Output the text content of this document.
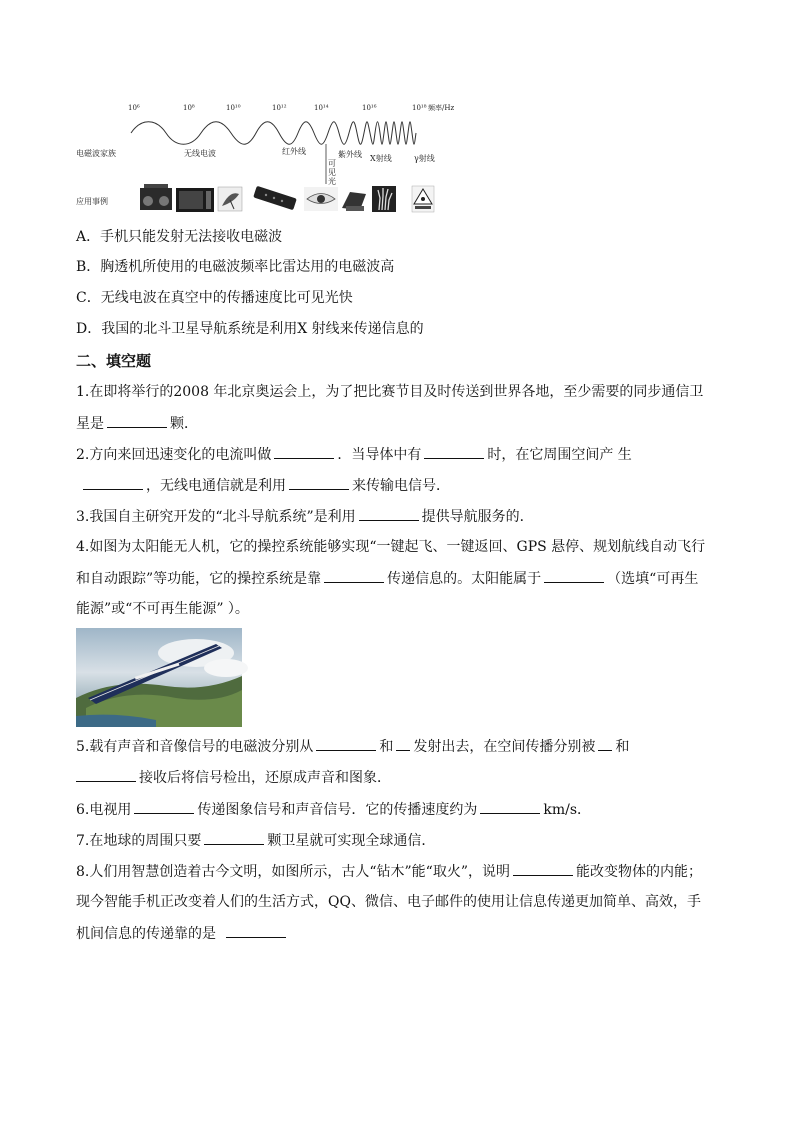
10⁶	10⁸	10¹⁰	10¹²	10¹⁴	10¹⁶	10¹⁸ 频率/Hz
电磁波家族	无线电波	红外线
可
见
光
紫外线 X射线	γ射线
应用事例
A．手机只能发射无法接收电磁波
B．胸透机所使用的电磁波频率比雷达用的电磁波高
C．无线电波在真空中的传播速度比可见光快
D．我国的北斗卫星导航系统是利用X 射线来传递信息的
二、填空题
1.在即将举行的2008 年北京奥运会上，为了把比赛节目及时传送到世界各地，至少需要的同步通信卫
星是	颗．
2.方向来回迅速变化的电流叫做	．当导体中有	时，在它周围空间产 生
，无线电通信就是利用	来传输电信号．
3.我国自主研究开发的“北斗导航系统”是利用	提供导航服务的．
4.如图为太阳能无人机，它的操控系统能够实现“一键起飞、一键返回、GPS 悬停、规划航线自动飞行
和自动跟踪”等功能，它的操控系统是靠	传递信息的。太阳能属于	（选填“可再生
能源”或“不可再生能源” ）。
5.载有声音和音像信号的电磁波分别从	和 发射出去，在空间传播分别被 和
接收后将信号检出，还原成声音和图象．
6.电视用	传递图象信号和声音信号．它的传播速度约为	km/s．
7.在地球的周围只要	颗卫星就可实现全球通信．
8.人们用智慧创造着古今文明，如图所示，古人“钻木”能“取火”，说明	能改变物体的内能；
现今智能手机正改变着人们的生活方式，QQ、微信、电子邮件的使用让信息传递更加简单、高效，手
机间信息的传递靠的是
